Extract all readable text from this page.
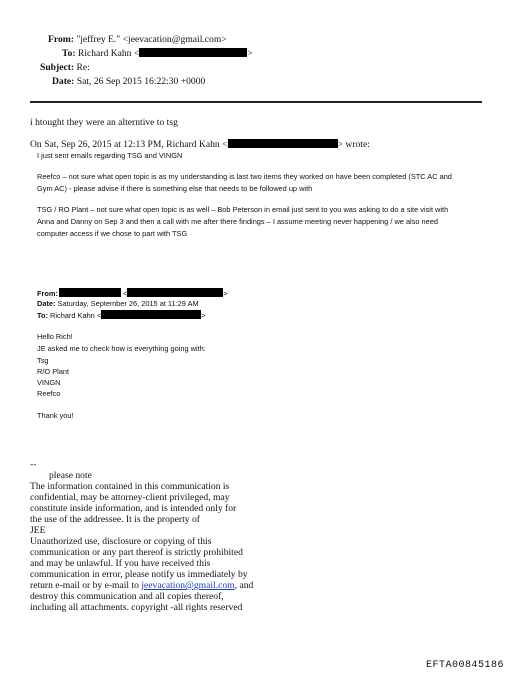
From: "jeffrey E." <jeevacation@gmail.com>
To: Richard Kahn <	>
Subject: Re:
Date: Sat, 26 Sep 2015 16:22:30 +0000
i htought they were an alterntive to tsg
On Sat, Sep 26, 2015 at 12:13 PM, Richard Kahn <	> wrote:
I just sent emails regarding TSG and VINGN
Reefco – not sure what open topic is as my understanding is last two items they worked on have been completed (STC AC and
Gym AC) - please advise if there is something else that needs to be followed up with
TSG / RO Plant – not sure what open topic is as well – Bob Peterson in email just sent to you was asking to do a site visit with
Anna and Danny on Sep 3 and then a call with me after there findings – I assume meeting never happening / we also need
computer access if we chose to part with TSG
From:	<	>
Date: Saturday, September 26, 2015 at 11:29 AM
To: Richard Kahn <	>
Hello Rich!
JE asked me to check how is everything going with:
Tsg
R/O Plant
VINGN
Reefco
Thank you!
--
please note
The information contained in this communication is
confidential, may be attorney-client privileged, may
constitute inside information, and is intended only for
the use of the addressee. It is the property of
JEE
Unauthorized use, disclosure or copying of this
communication or any part thereof is strictly prohibited
and may be unlawful. If you have received this
communication in error, please notify us immediately by
return e-mail or by e-mail to jeevacation@gmail.com, and
destroy this communication and all copies thereof,
including all attachments. copyright -all rights reserved
EFTA00845186
